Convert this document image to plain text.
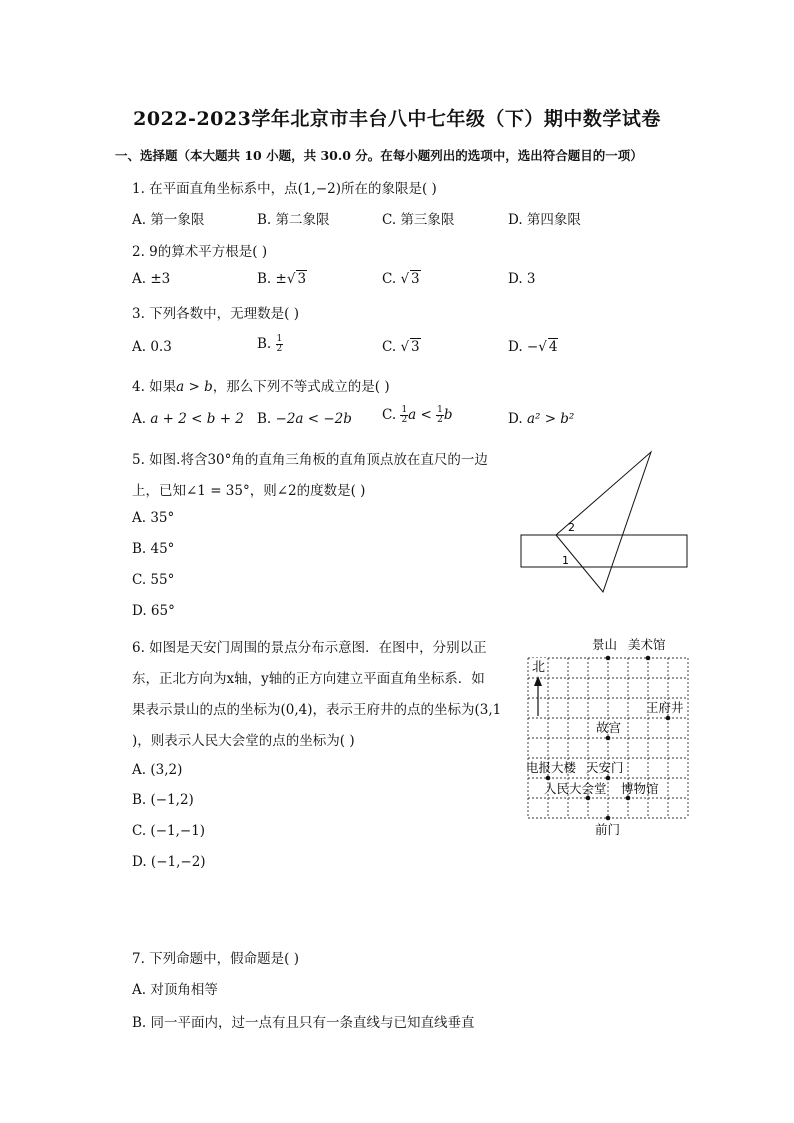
2022-2023学年北京市丰台八中七年级（下）期中数学试卷
一、选择题（本大题共 10 小题，共 30.0 分。在每小题列出的选项中，选出符合题目的一项）
1. 在平面直角坐标系中，点(1,−2)所在的象限是( )
A. 第一象限	B. 第二象限	C. 第三象限	D. 第四象限
2. 9的算术平方根是( )
A. ±3	B. ±√ 3	C. √ 3	D. 3
3. 下列各数中，无理数是( )
A. 0.3	B. $\frac{1}{2}$	C. √ 3	D. −√ 4
4. 如果a > b，那么下列不等式成立的是( )
A. a + 2 < b + 2 B. −2a < −2b C. $\frac{1}{2}$ $a < \frac{1}{2}$ b	D. a² > b²
5. 如图.将含30°角的直角三角板的直角顶点放在直尺的一边
上，已知∠1 = 35°，则∠2的度数是( )
A. 35°
B. 45°
C. 55°
D. 65°
2
1
6. 如图是天安门周围的景点分布示意图．在图中，分别以正
东，正北方向为x轴，y轴的正方向建立平面直角坐标系．如
果表示景山的点的坐标为(0,4)，表示王府井的点的坐标为(3,1
)，则表示人民大会堂的点的坐标为( )
A. (3,2)
B. (−1,2)
C. (−1,−1)
D. (−1,−2)
北
景山 美术馆
王府井
故宫
电报大楼 天安门
人民大会堂 博物馆
前门
7. 下列命题中，假命题是( )
A. 对顶角相等
B. 同一平面内，过一点有且只有一条直线与已知直线垂直
